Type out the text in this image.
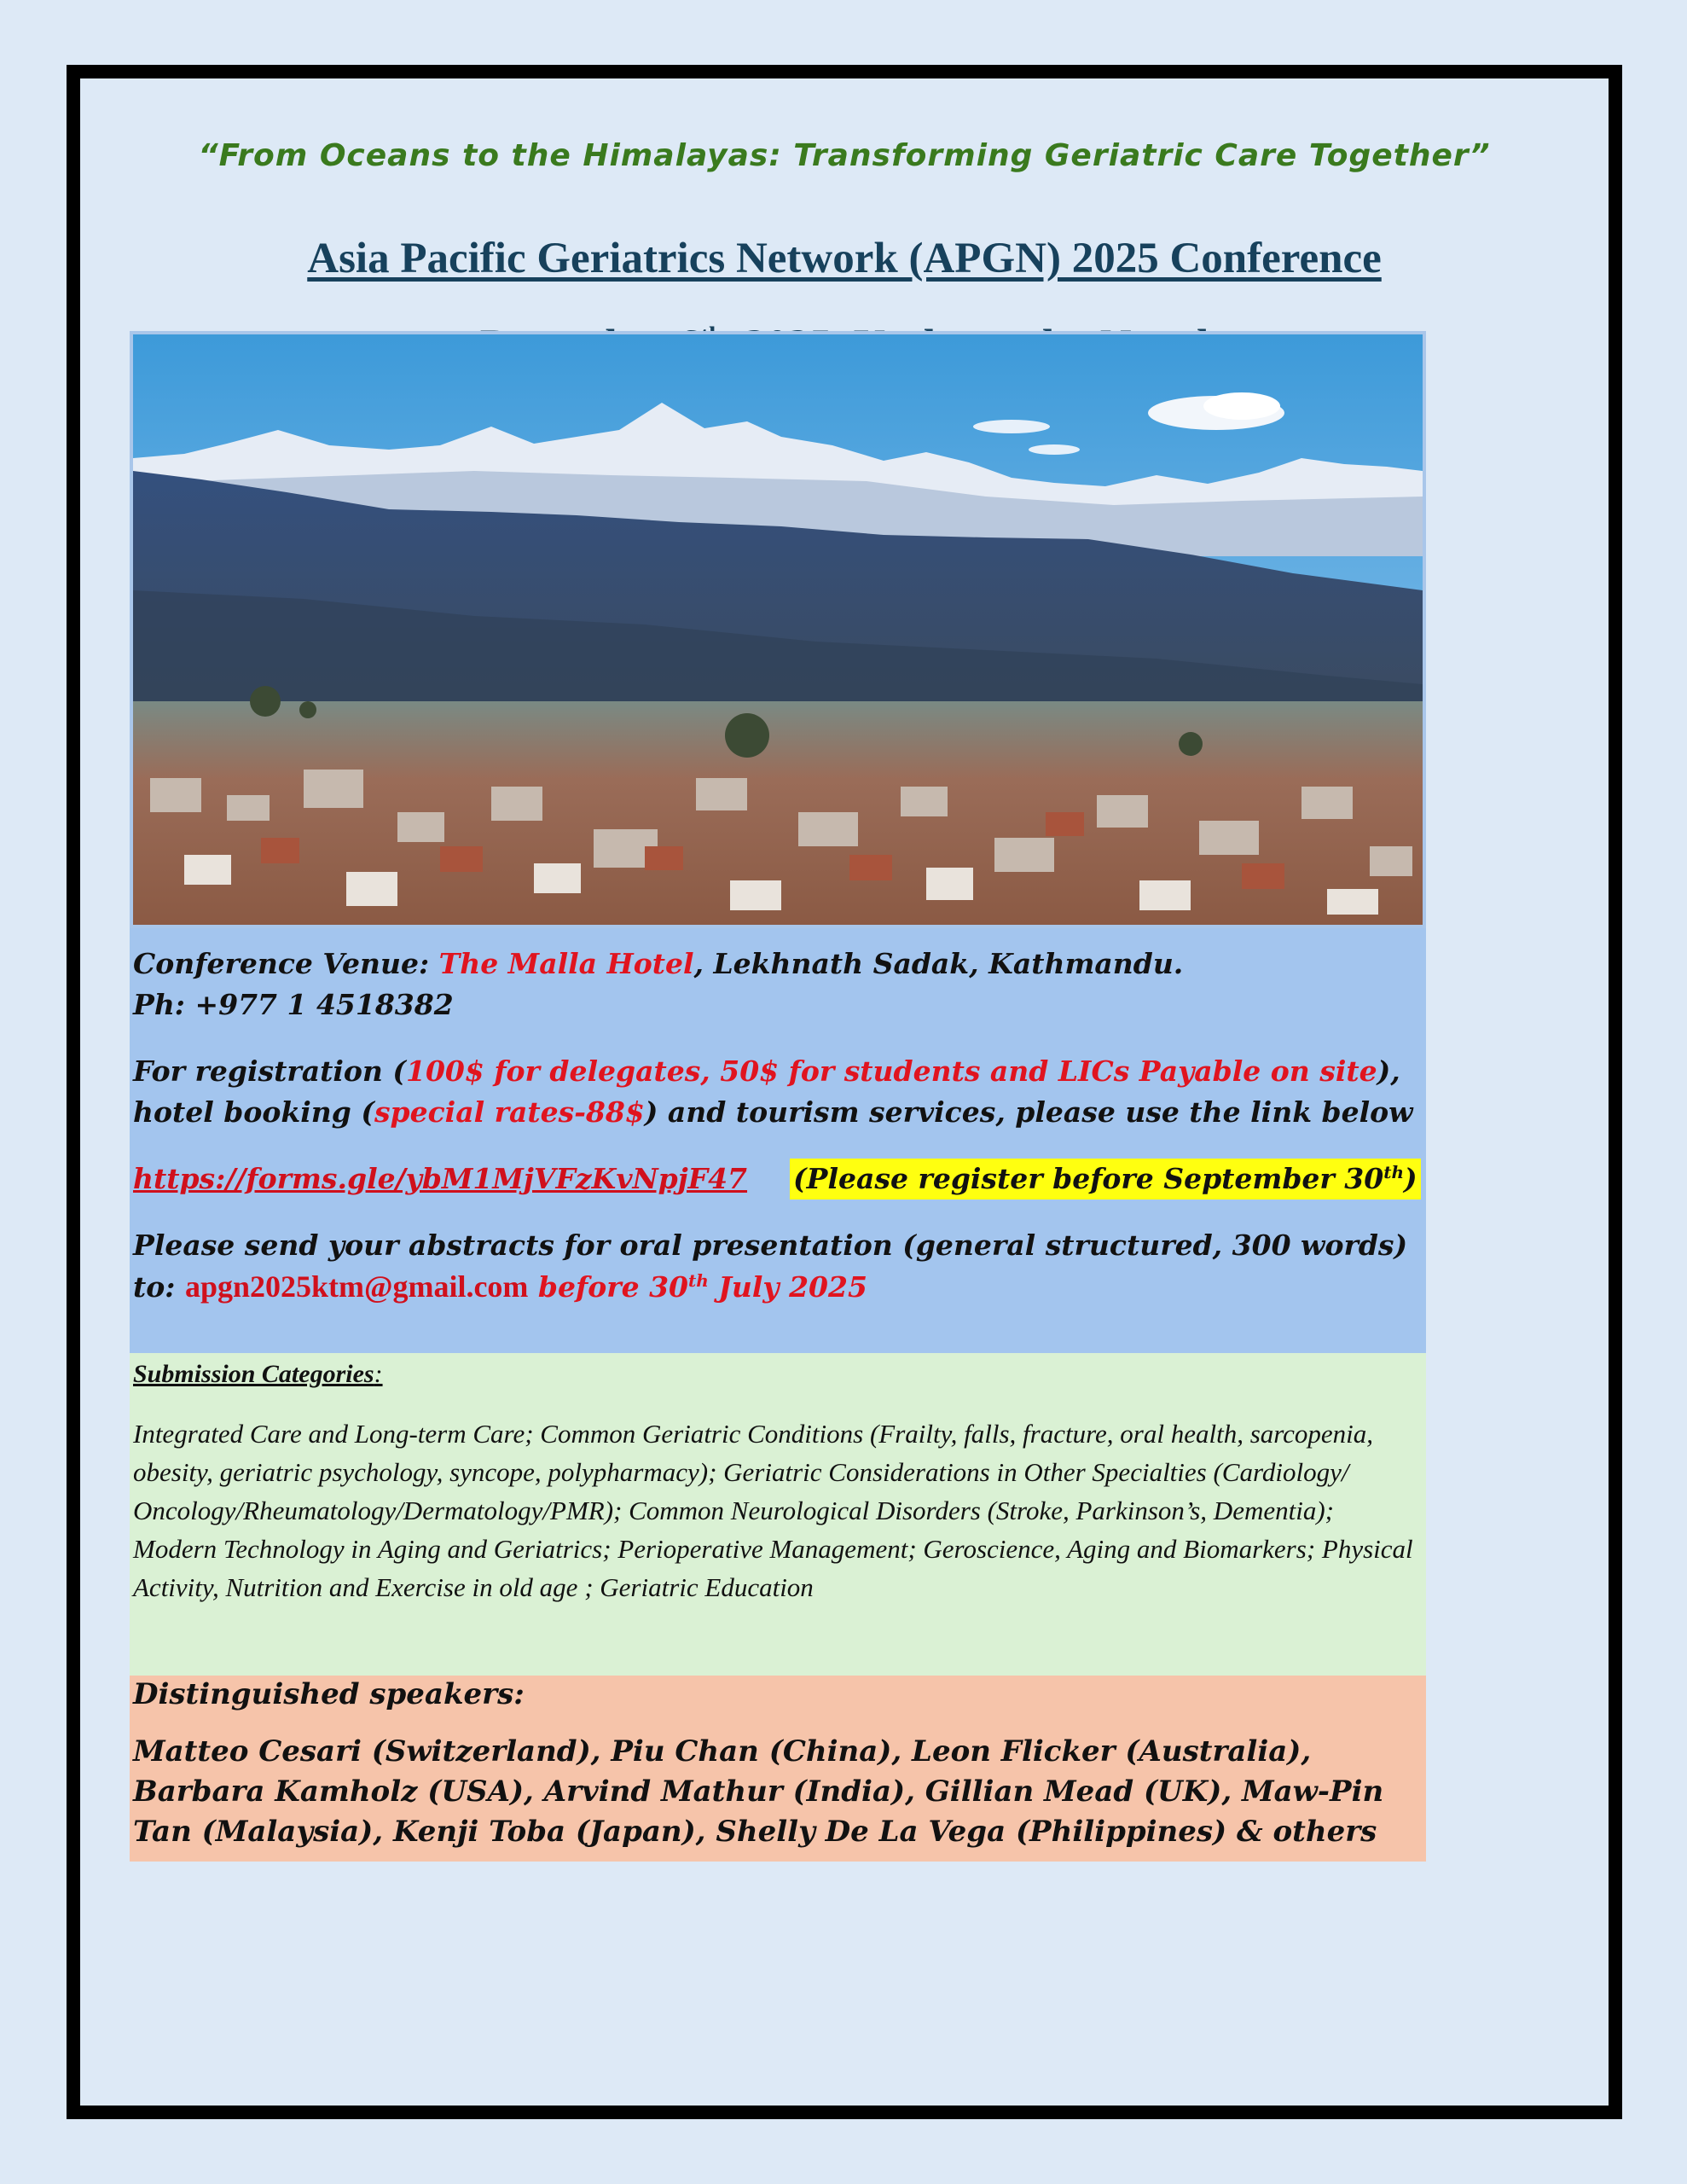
“From Oceans to the Himalayas: Transforming Geriatric Care Together”
Asia Pacific Geriatrics Network (APGN) 2025 Conference

Conference Venue: The Malla Hotel, Lekhnath Sadak, Kathmandu.

Ph: +977 1 4518382

For registration (100$ for delegates, 50$ for students and LICs Payable on site),

hotel booking (special rates-88$) and tourism services, please use the link below

https://forms.gle/ybM1MjVFzKvNpjF47 (Please register before September 30th)

Please send your abstracts for oral presentation (general structured, 300 words)

to: apgn2025ktm@gmail.com before 30th July 2025

Submission Categories:

Integrated Care and Long-term Care; Common Geriatric Conditions (Frailty, falls, fracture, oral health, sarcopenia, obesity, geriatric psychology, syncope, polypharmacy); Geriatric Considerations in Other Specialties (Cardiology/ Oncology/Rheumatology/Dermatology/PMR); Common Neurological Disorders (Stroke, Parkinson’s, Dementia); Modern Technology in Aging and Geriatrics; Perioperative Management; Geroscience, Aging and Biomarkers; Physical Activity, Nutrition and Exercise in old age ; Geriatric Education

Distinguished speakers:

Matteo Cesari (Switzerland), Piu Chan (China), Leon Flicker (Australia), Barbara Kamholz (USA), Arvind Mathur (India), Gillian Mead (UK), Maw-Pin Tan (Malaysia), Kenji Toba (Japan), Shelly De La Vega (Philippines) & others
